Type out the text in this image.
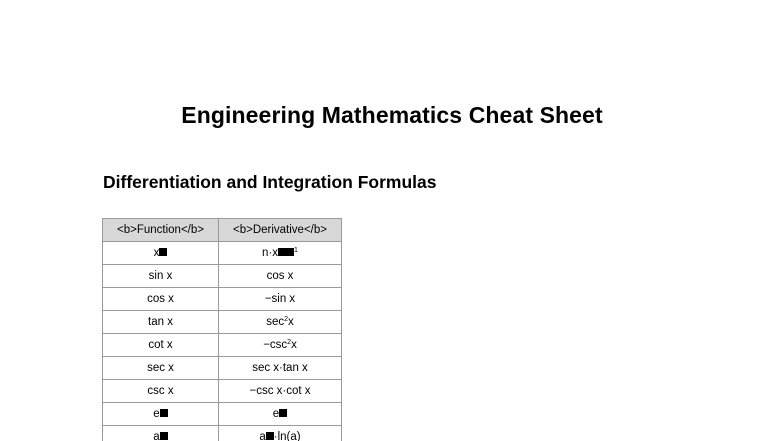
Engineering Mathematics Cheat Sheet
Differentiation and Integration Formulas
<b>Function</b>	<b>Derivative</b>
x	n·x $^1$
sin x	cos x
cos x	−sin x
tan x	$\sec^2x$
cot x	$-\csc^2x$
sec x	sec x·tan x
csc x	−csc x·cot x
e	e
a	a ·ln(a)
